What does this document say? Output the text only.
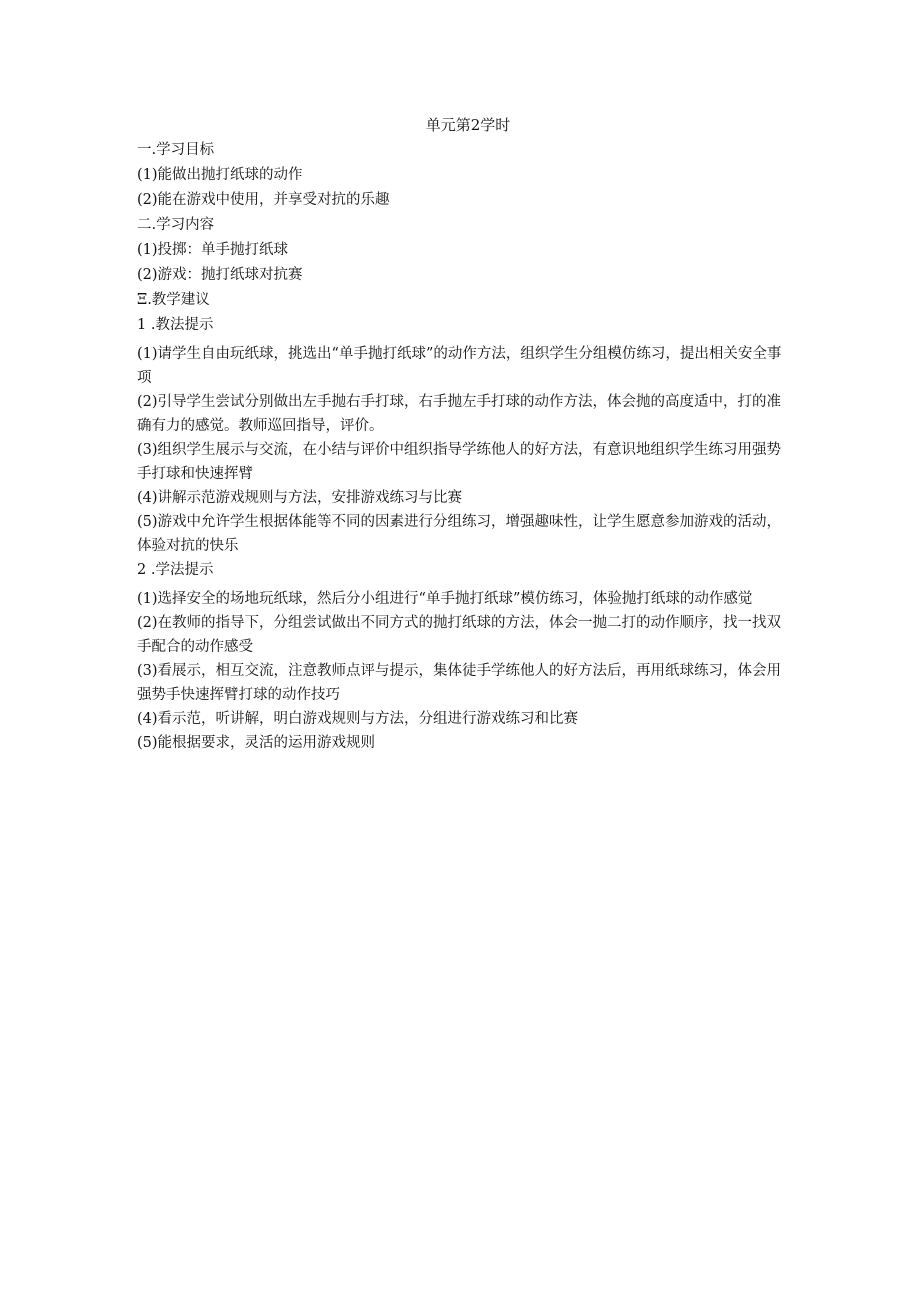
单元第2学时
一.学习目标
(1)能做出抛打纸球的动作
(2)能在游戏中使用，并享受对抗的乐趣
二.学习内容
(1)投掷：单手抛打纸球
(2)游戏：抛打纸球对抗赛
Ξ.教学建议
1 .教法提示

(1)请学生自由玩纸球，挑选出“单手抛打纸球”的动作方法，组织学生分组模仿练习，提出相关安全事项

(2)引导学生尝试分别做出左手抛右手打球，右手抛左手打球的动作方法，体会抛的高度适中，打的准确有力的感觉。教师巡回指导，评价。

(3)组织学生展示与交流，在小结与评价中组织指导学练他人的好方法，有意识地组织学生练习用强势手打球和快速挥臂

(4)讲解示范游戏规则与方法，安排游戏练习与比赛

(5)游戏中允许学生根据体能等不同的因素进行分组练习，增强趣味性，让学生愿意参加游戏的活动，体验对抗的快乐

2 .学法提示

(1)选择安全的场地玩纸球，然后分小组进行“单手抛打纸球”模仿练习，体验抛打纸球的动作感觉

(2)在教师的指导下，分组尝试做出不同方式的抛打纸球的方法，体会一抛二打的动作顺序，找一找双手配合的动作感受

(3)看展示，相互交流，注意教师点评与提示，集体徒手学练他人的好方法后，再用纸球练习，体会用强势手快速挥臂打球的动作技巧

(4)看示范，听讲解，明白游戏规则与方法，分组进行游戏练习和比赛

(5)能根据要求，灵活的运用游戏规则
